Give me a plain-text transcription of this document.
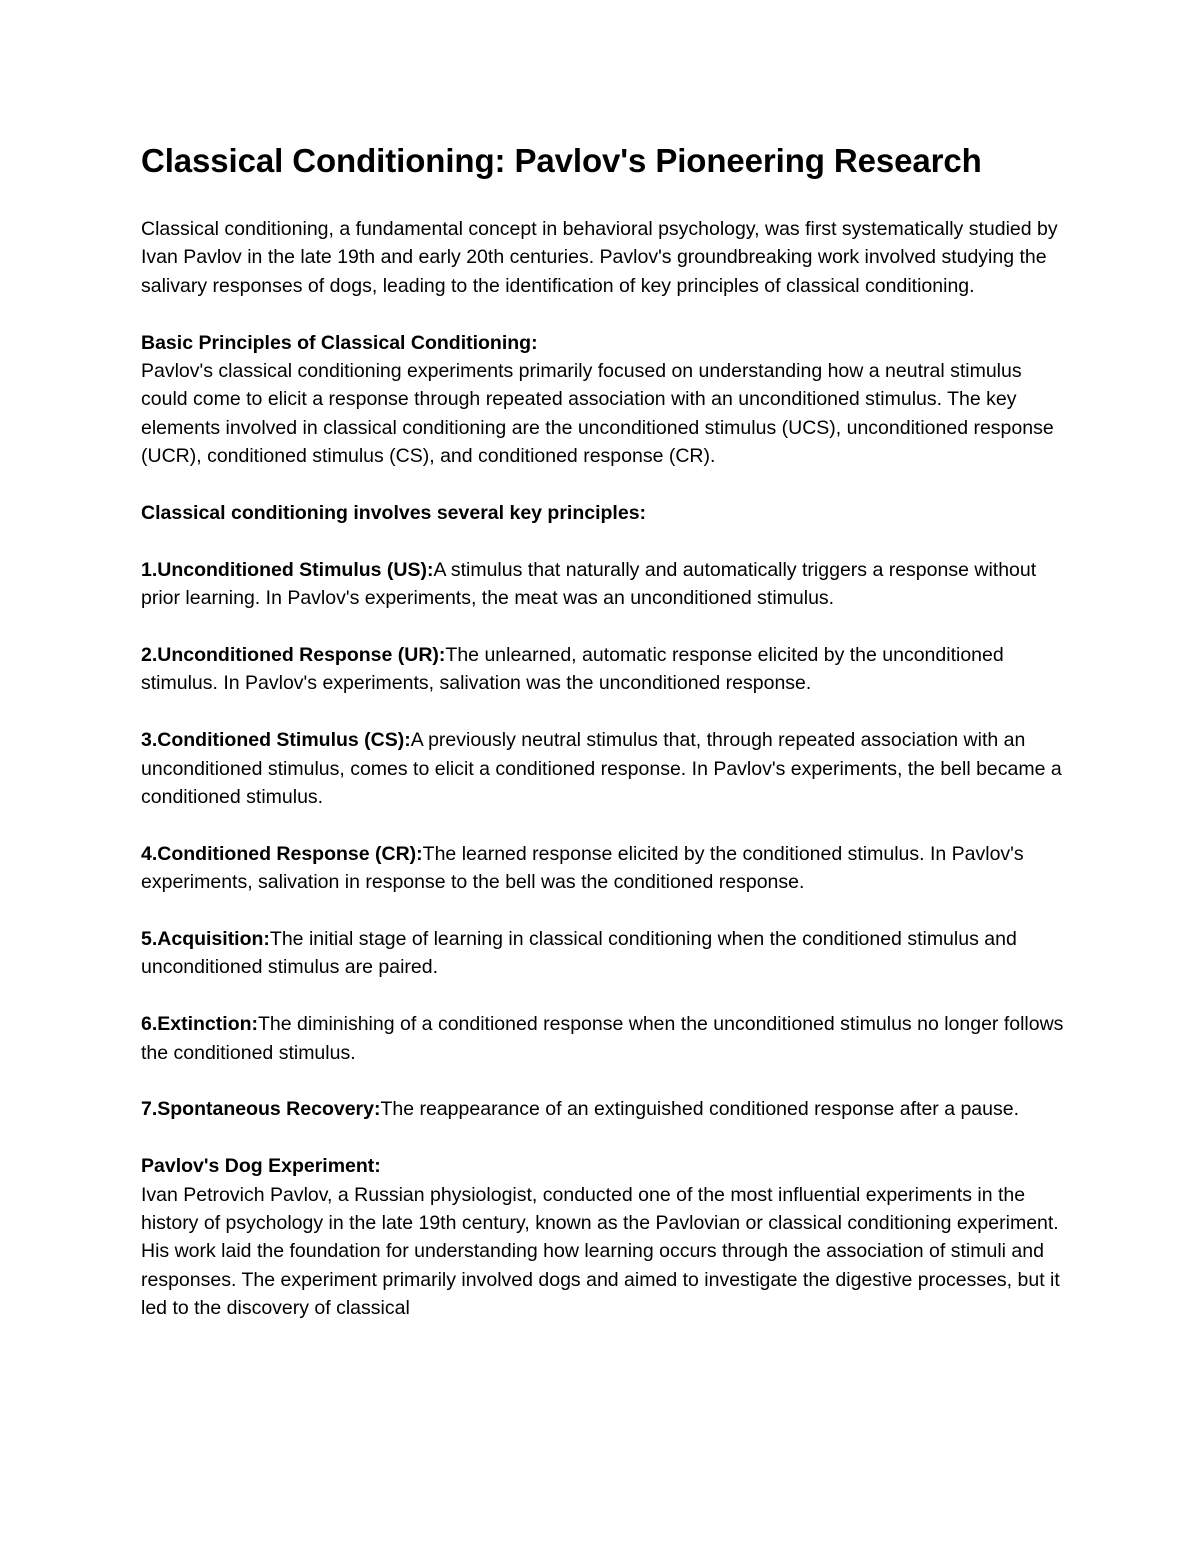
Classical Conditioning: Pavlov's Pioneering Research

Classical conditioning, a fundamental concept in behavioral psychology, was first systematically studied by Ivan Pavlov in the late 19th and early 20th centuries. Pavlov's groundbreaking work involved studying the salivary responses of dogs, leading to the identification of key principles of classical conditioning.

Basic Principles of Classical Conditioning:
Pavlov's classical conditioning experiments primarily focused on understanding how a neutral stimulus could come to elicit a response through repeated association with an unconditioned stimulus. The key elements involved in classical conditioning are the unconditioned stimulus (UCS), unconditioned response (UCR), conditioned stimulus (CS), and conditioned response (CR).

Classical conditioning involves several key principles:

1.Unconditioned Stimulus (US):A stimulus that naturally and automatically triggers a response without prior learning. In Pavlov's experiments, the meat was an unconditioned stimulus.

2.Unconditioned Response (UR):The unlearned, automatic response elicited by the unconditioned stimulus. In Pavlov's experiments, salivation was the unconditioned response.

3.Conditioned Stimulus (CS):A previously neutral stimulus that, through repeated association with an unconditioned stimulus, comes to elicit a conditioned response. In Pavlov's experiments, the bell became a conditioned stimulus.

4.Conditioned Response (CR):The learned response elicited by the conditioned stimulus. In Pavlov's experiments, salivation in response to the bell was the conditioned response.

5.Acquisition:The initial stage of learning in classical conditioning when the conditioned stimulus and unconditioned stimulus are paired.

6.Extinction:The diminishing of a conditioned response when the unconditioned stimulus no longer follows the conditioned stimulus.

7.Spontaneous Recovery:The reappearance of an extinguished conditioned response after a pause.

Pavlov's Dog Experiment:
Ivan Petrovich Pavlov, a Russian physiologist, conducted one of the most influential experiments in the history of psychology in the late 19th century, known as the Pavlovian or classical conditioning experiment. His work laid the foundation for understanding how learning occurs through the association of stimuli and responses. The experiment primarily involved dogs and aimed to investigate the digestive processes, but it led to the discovery of classical
